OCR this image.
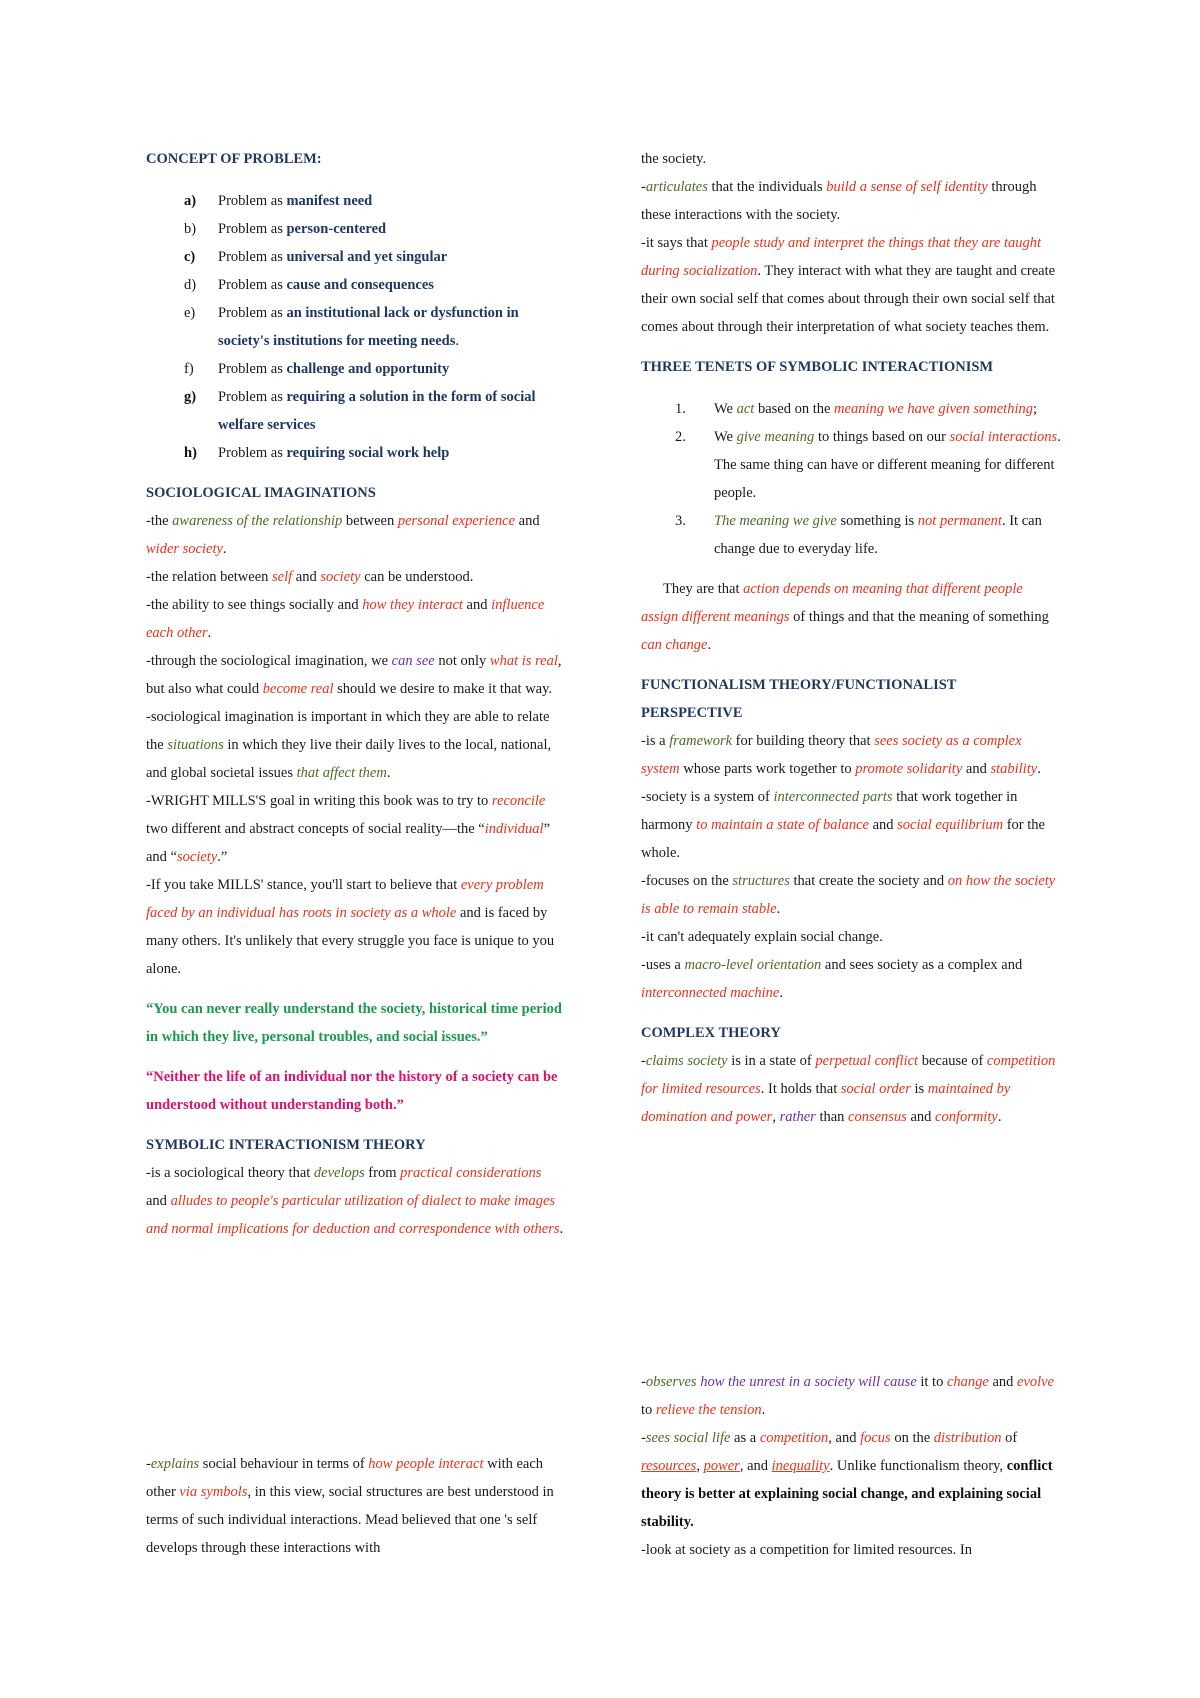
CONCEPT OF PROBLEM:

a) Problem as manifest need
b) Problem as person-centered
c) Problem as universal and yet singular
d) Problem as cause and consequences
e) Problem as an institutional lack or dysfunction in society's institutions for meeting needs.
f) Problem as challenge and opportunity
g) Problem as requiring a solution in the form of social welfare services
h) Problem as requiring social work help

SOCIOLOGICAL IMAGINATIONS

-the awareness of the relationship between personal experience and wider society.

-the relation between self and society can be understood.

-the ability to see things socially and how they interact and influence each other.

-through the sociological imagination, we can see not only what is real, but also what could become real should we desire to make it that way.

-sociological imagination is important in which they are able to relate the situations in which they live their daily lives to the local, national, and global societal issues that affect them.

-WRIGHT MILLS'S goal in writing this book was to try to reconcile two different and abstract concepts of social reality—the “individual” and “society.”

-If you take MILLS' stance, you'll start to believe that every problem faced by an individual has roots in society as a whole and is faced by many others. It's unlikely that every struggle you face is unique to you alone.

“You can never really understand the society, historical time period in which they live, personal troubles, and social issues.”

“Neither the life of an individual nor the history of a society can be understood without understanding both.”

SYMBOLIC INTERACTIONISM THEORY

-is a sociological theory that develops from practical considerations and alludes to people's particular utilization of dialect to make images and normal implications for deduction and correspondence with others.

the society.

-articulates that the individuals build a sense of self identity through these interactions with the society.

-it says that people study and interpret the things that they are taught during socialization. They interact with what they are taught and create their own social self that comes about through their own social self that comes about through their interpretation of what society teaches them.

THREE TENETS OF SYMBOLIC INTERACTIONISM

1. We act based on the meaning we have given something;
2. We give meaning to things based on our social interactions. The same thing can have or different meaning for different people.
3. The meaning we give something is not permanent. It can change due to everyday life.

They are that action depends on meaning that different people assign different meanings of things and that the meaning of something can change.

FUNCTIONALISM THEORY/FUNCTIONALIST PERSPECTIVE

-is a framework for building theory that sees society as a complex system whose parts work together to promote solidarity and stability.

-society is a system of interconnected parts that work together in harmony to maintain a state of balance and social equilibrium for the whole.

-focuses on the structures that create the society and on how the society is able to remain stable.

-it can't adequately explain social change.

-uses a macro-level orientation and sees society as a complex and interconnected machine.

COMPLEX THEORY

-claims society is in a state of perpetual conflict because of competition for limited resources. It holds that social order is maintained by domination and power, rather than consensus and conformity.

-explains social behaviour in terms of how people interact with each other via symbols, in this view, social structures are best understood in terms of such individual interactions. Mead believed that one 's self develops through these interactions with

-observes how the unrest in a society will cause it to change and evolve to relieve the tension.

-sees social life as a competition, and focus on the distribution of resources, power, and inequality. Unlike functionalism theory, conflict theory is better at explaining social change, and explaining social stability.

-look at society as a competition for limited resources. In
